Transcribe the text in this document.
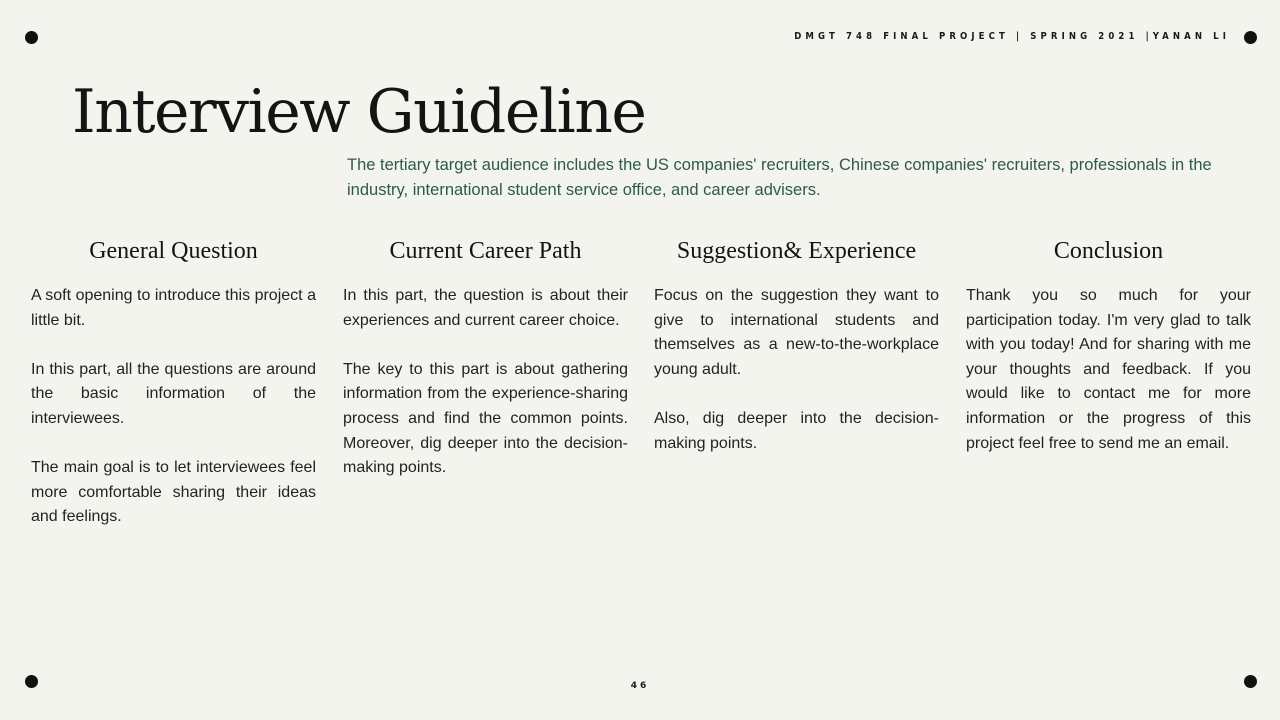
DMGT 748 FINAL PROJECT | SPRING 2021 |YANAN LI
Interview Guideline

The tertiary target audience includes the US companies' recruiters, Chinese companies' recruiters, professionals in the industry, international student service office, and career advisers.

General Question

A soft opening to introduce this project a little bit.

In this part, all the questions are around the basic information of the interviewees.

The main goal is to let interviewees feel more comfortable sharing their ideas and feelings.

Current Career Path

In this part, the question is about their experiences and current career choice.

The key to this part is about gathering information from the experience-sharing process and find the common points. Moreover, dig deeper into the decision-making points.

Suggestion& Experience

Focus on the suggestion they want to give to international students and themselves as a new-to-the-workplace young adult.

Also, dig deeper into the decision-making points.

Conclusion

Thank you so much for your participation today. I'm very glad to talk with you today! And for sharing with me your thoughts and feedback. If you would like to contact me for more information or the progress of this project feel free to send me an email.

46
